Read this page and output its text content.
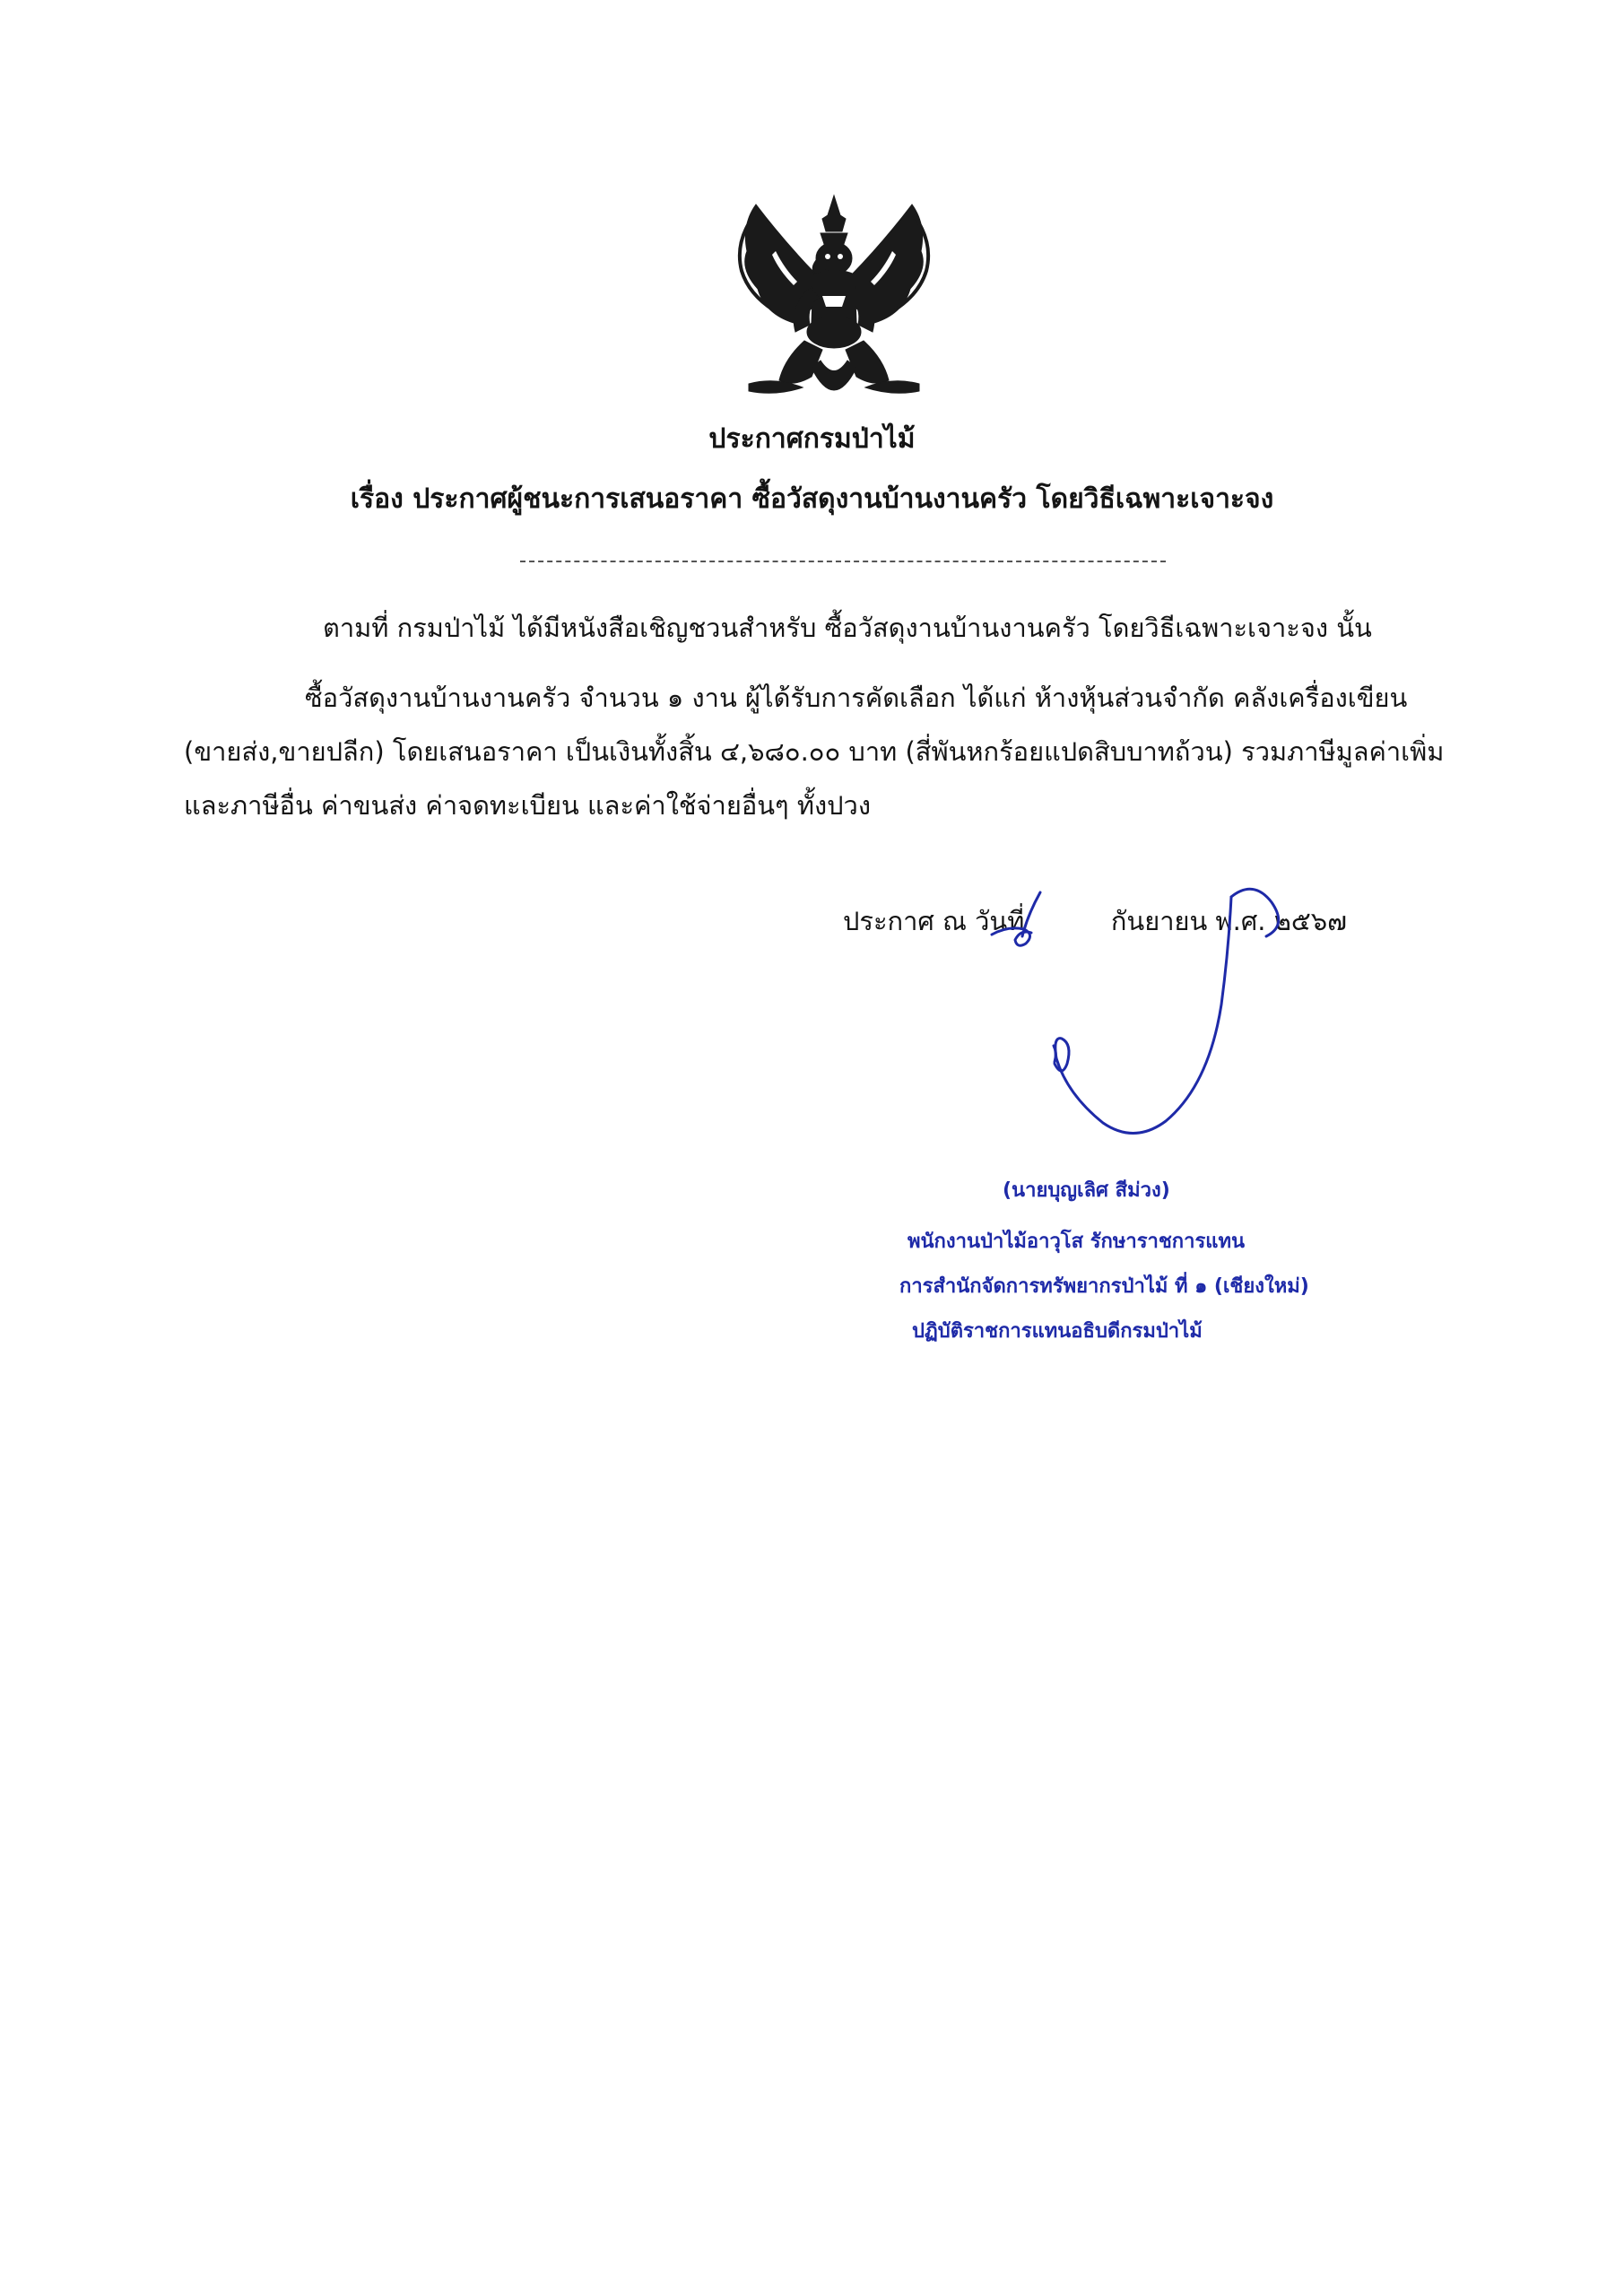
ประกาศกรมป่าไม้
เรื่อง ประกาศผู้ชนะการเสนอราคา ซื้อวัสดุงานบ้านงานครัว โดยวิธีเฉพาะเจาะจง
ตามที่ กรมป่าไม้ ได้มีหนังสือเชิญชวนสำหรับ ซื้อวัสดุงานบ้านงานครัว โดยวิธีเฉพาะเจาะจง นั้น
ซื้อวัสดุงานบ้านงานครัว จำนวน ๑ งาน ผู้ได้รับการคัดเลือก ได้แก่ ห้างหุ้นส่วนจำกัด คลังเครื่องเขียน
(ขายส่ง,ขายปลีก) โดยเสนอราคา เป็นเงินทั้งสิ้น ๔,๖๘๐.๐๐ บาท (สี่พันหกร้อยแปดสิบบาทถ้วน) รวมภาษีมูลค่าเพิ่ม
และภาษีอื่น ค่าขนส่ง ค่าจดทะเบียน และค่าใช้จ่ายอื่นๆ ทั้งปวง
ประกาศ ณ วันที่	กันยายน พ.ศ. ๒๕๖๗
(นายบุญเลิศ สีม่วง)
พนักงานป่าไม้อาวุโส รักษาราชการแทน
การสำนักจัดการทรัพยากรป่าไม้ ที่ ๑ (เชียงใหม่)
ปฏิบัติราชการแทนอธิบดีกรมป่าไม้
